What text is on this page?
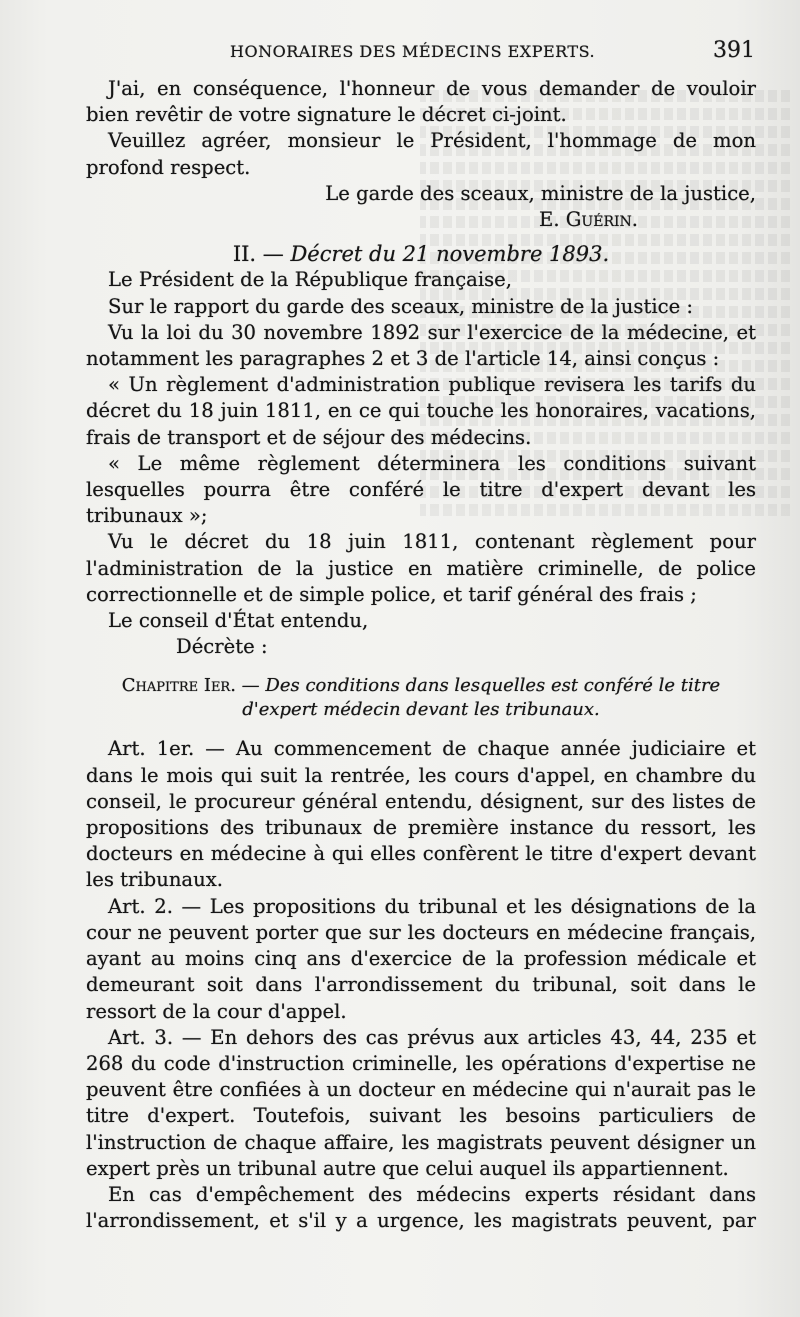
HONORAIRES DES MÉDECINS EXPERTS.	391

J'ai, en conséquence, l'honneur de vous demander de vouloir bien revêtir de votre signature le décret ci-joint.

Veuillez agréer, monsieur le Président, l'hommage de mon profond respect.

Le garde des sceaux, ministre de la justice,

E. Guérin.

II. — Décret du 21 novembre 1893.

Le Président de la République française,

Sur le rapport du garde des sceaux, ministre de la justice :

Vu la loi du 30 novembre 1892 sur l'exercice de la médecine, et notamment les paragraphes 2 et 3 de l'article 14, ainsi conçus :

« Un règlement d'administration publique revisera les tarifs du décret du 18 juin 1811, en ce qui touche les honoraires, vacations, frais de transport et de séjour des médecins.

« Le même règlement déterminera les conditions suivant lesquelles pourra être conféré le titre d'expert devant les tribunaux »;

Vu le décret du 18 juin 1811, contenant règlement pour l'administration de la justice en matière criminelle, de police correctionnelle et de simple police, et tarif général des frais ;

Le conseil d'État entendu,

Décrète :

Chapitre Ier. — Des conditions dans lesquelles est conféré le titre d'expert médecin devant les tribunaux.

Art. 1er. — Au commencement de chaque année judiciaire et dans le mois qui suit la rentrée, les cours d'appel, en chambre du conseil, le procureur général entendu, désignent, sur des listes de propositions des tribunaux de première instance du ressort, les docteurs en médecine à qui elles confèrent le titre d'expert devant les tribunaux.

Art. 2. — Les propositions du tribunal et les désignations de la cour ne peuvent porter que sur les docteurs en médecine français, ayant au moins cinq ans d'exercice de la profession médicale et demeurant soit dans l'arrondissement du tribunal, soit dans le ressort de la cour d'appel.

Art. 3. — En dehors des cas prévus aux articles 43, 44, 235 et 268 du code d'instruction criminelle, les opérations d'expertise ne peuvent être confiées à un docteur en médecine qui n'aurait pas le titre d'expert. Toutefois, suivant les besoins particuliers de l'instruction de chaque affaire, les magistrats peuvent désigner un expert près un tribunal autre que celui auquel ils appartiennent.

En cas d'empêchement des médecins experts résidant dans l'arrondissement, et s'il y a urgence, les magistrats peuvent, par
